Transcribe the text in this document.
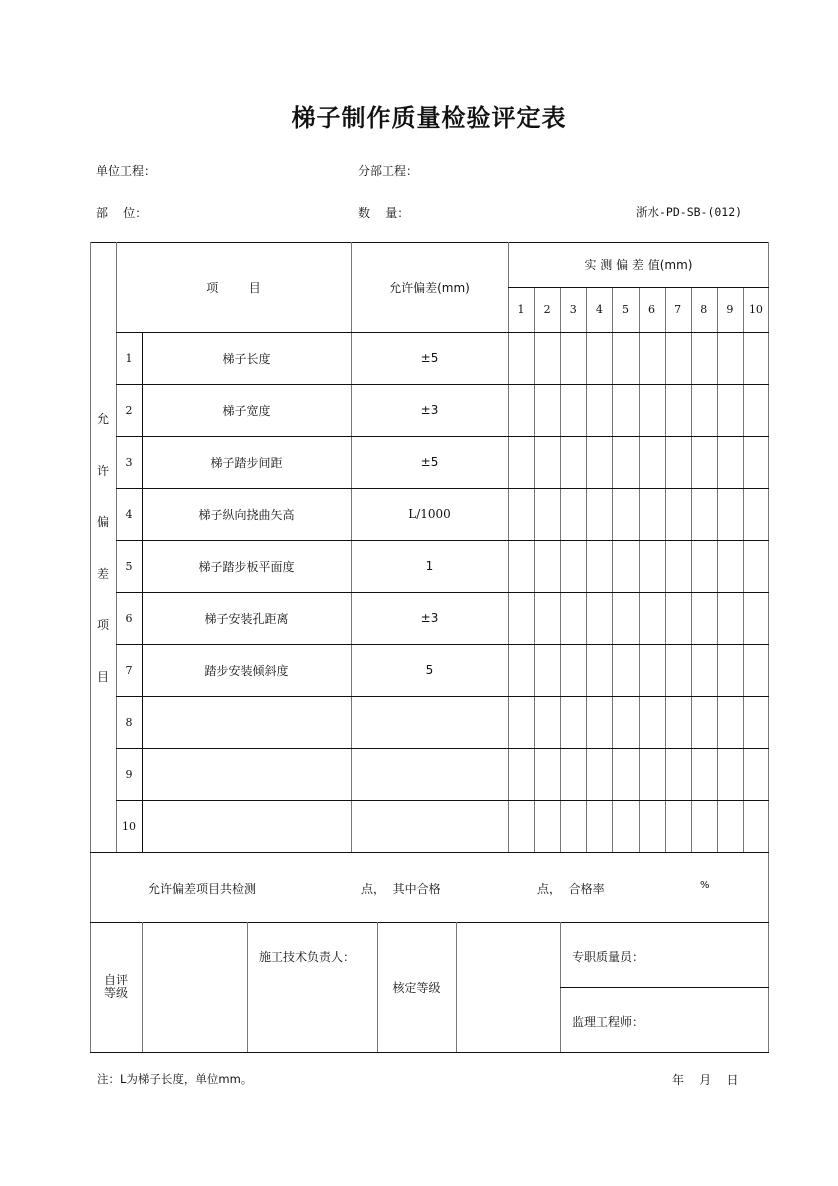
梯子制作质量检验评定表
单位工程：	分部工程：
部    位：	数    量：	浙水-PD-SB-(012)
项        目	允许偏差(mm)
实 测 偏 差 值(mm)
1	2	3	4	5	6	7	8	9	10
允
许
偏
差
项
目
1	梯子长度	±5
2	梯子宽度	±3
3	梯子踏步间距	±5
4	梯子纵向挠曲矢高	L/1000
5	梯子踏步板平面度	1
6	梯子安装孔距离	±3
7	踏步安装倾斜度	5
8
9
10
允许偏差项目共检测	点，  其中合格	点，  合格率	%
自评
等级
施工技术负责人：
核定等级
专职质量员：
监理工程师：
注：L为梯子长度，单位mm。	年    月    日
